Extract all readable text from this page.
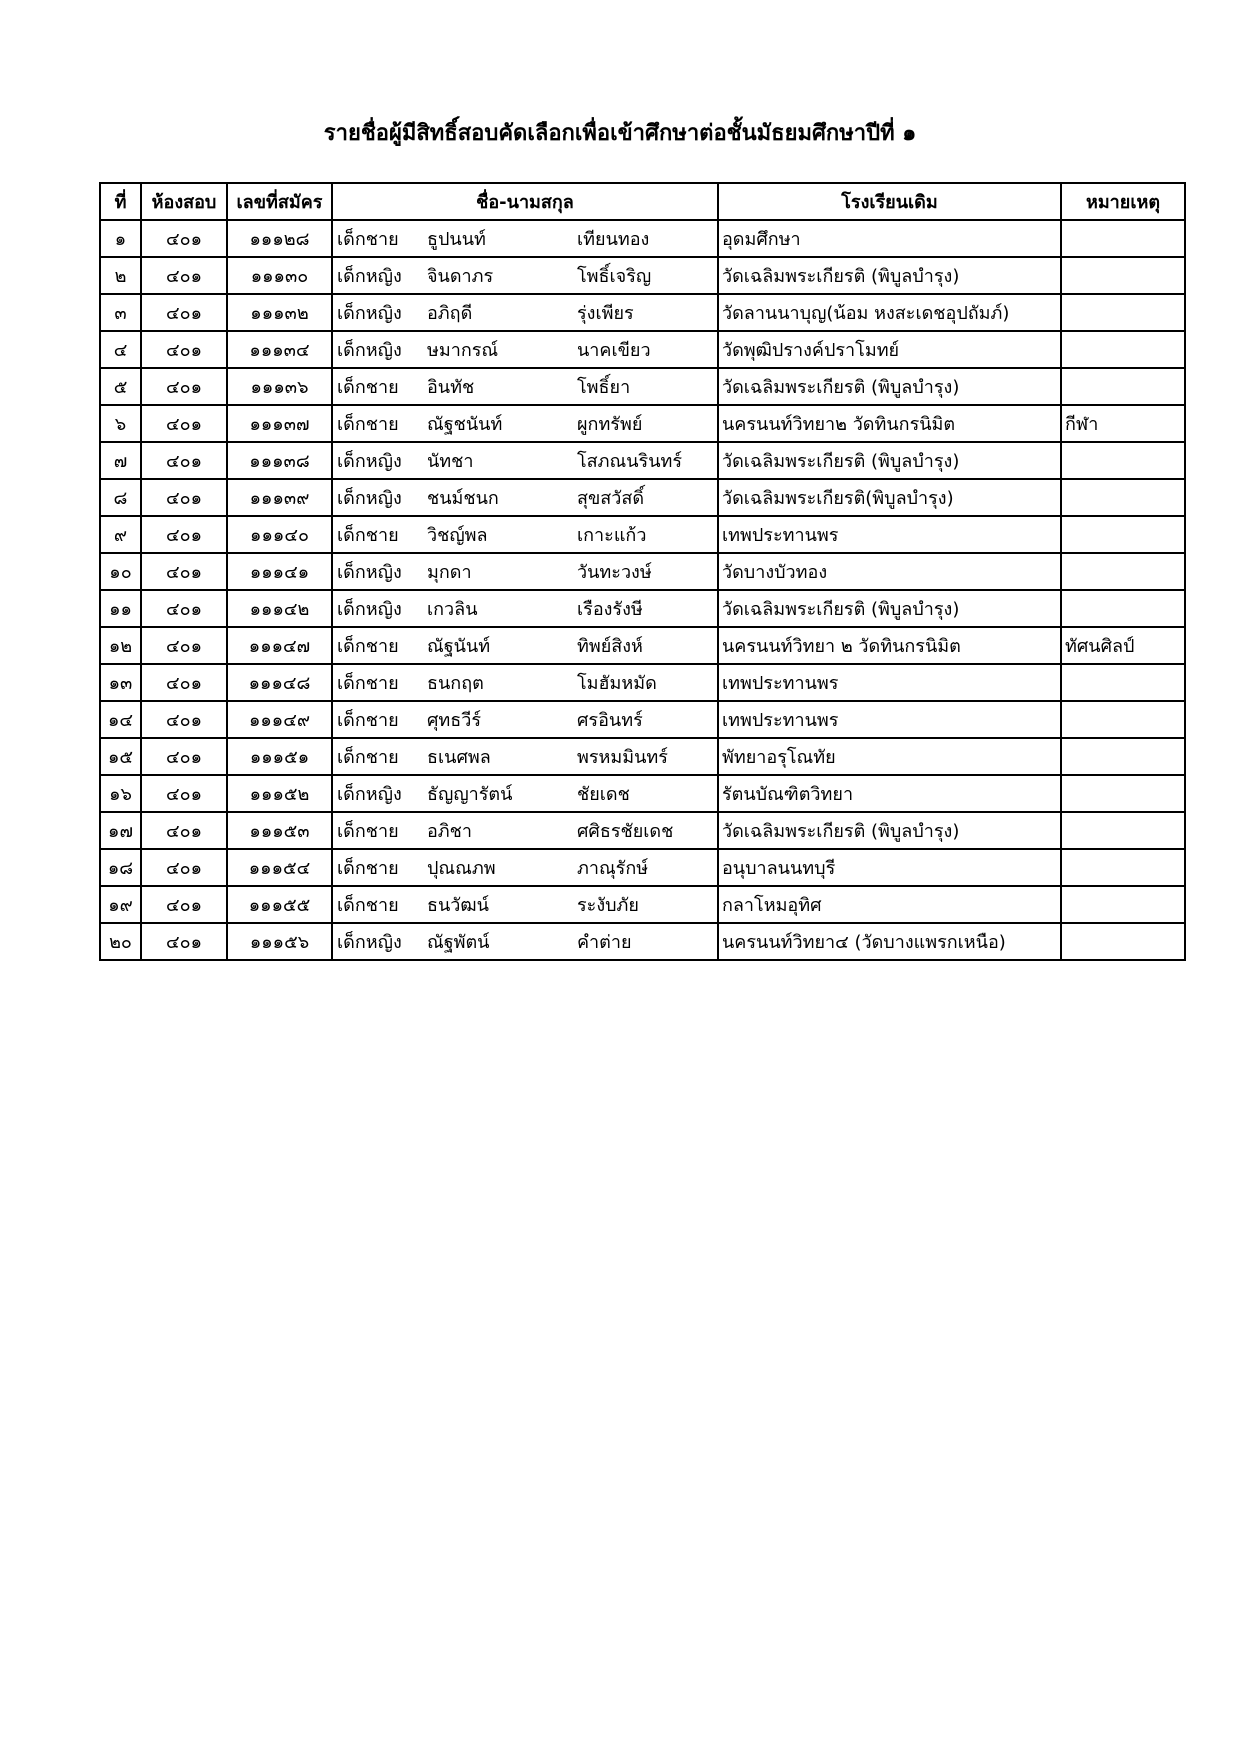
รายชื่อผู้มีสิทธิ์สอบคัดเลือกเพื่อเข้าศึกษาต่อชั้นมัธยมศึกษาปีที่ ๑
ที่	ห้องสอบ	เลขที่สมัคร	ชื่อ-นามสกุล	โรงเรียนเดิม	หมายเหตุ
๑	๔๐๑	๑๑๑๒๘	เด็กชาย ธูปนนท์ เทียนทอง	อุดมศึกษา	
๒	๔๐๑	๑๑๑๓๐	เด็กหญิง จินดาภร โพธิ์เจริญ	วัดเฉลิมพระเกียรติ (พิบูลบำรุง)	
๓	๔๐๑	๑๑๑๓๒	เด็กหญิง อภิฤดี รุ่งเพียร	วัดลานนาบุญ(น้อม หงสะเดชอุปถัมภ์)	
๔	๔๐๑	๑๑๑๓๔	เด็กหญิง ษมากรณ์ นาคเขียว	วัดพุฒิปรางค์ปราโมทย์	
๕	๔๐๑	๑๑๑๓๖	เด็กชาย อินทัช โพธิ์ยา	วัดเฉลิมพระเกียรติ (พิบูลบำรุง)	
๖	๔๐๑	๑๑๑๓๗	เด็กชาย ณัฐชนันท์ ผูกทรัพย์	นครนนท์วิทยา๒ วัดทินกรนิมิต	กีฬา
๗	๔๐๑	๑๑๑๓๘	เด็กหญิง นัทชา โสภณนรินทร์	วัดเฉลิมพระเกียรติ (พิบูลบำรุง)	
๘	๔๐๑	๑๑๑๓๙	เด็กหญิง ชนม์ชนก สุขสวัสดิ์	วัดเฉลิมพระเกียรติ(พิบูลบำรุง)	
๙	๔๐๑	๑๑๑๔๐	เด็กชาย วิชญ์พล เกาะแก้ว	เทพประทานพร	
๑๐	๔๐๑	๑๑๑๔๑	เด็กหญิง มุกดา วันทะวงษ์	วัดบางบัวทอง	
๑๑	๔๐๑	๑๑๑๔๒	เด็กหญิง เกวลิน เรืองรังษี	วัดเฉลิมพระเกียรติ (พิบูลบำรุง)	
๑๒	๔๐๑	๑๑๑๔๗	เด็กชาย ณัฐนันท์ ทิพย์สิงห์	นครนนท์วิทยา ๒ วัดทินกรนิมิต	ทัศนศิลป์
๑๓	๔๐๑	๑๑๑๔๘	เด็กชาย ธนกฤต โมฮัมหมัด	เทพประทานพร	
๑๔	๔๐๑	๑๑๑๔๙	เด็กชาย ศุทธวีร์ ศรอินทร์	เทพประทานพร	
๑๕	๔๐๑	๑๑๑๕๑	เด็กชาย ธเนศพล พรหมมินทร์	พัทยาอรุโณทัย	
๑๖	๔๐๑	๑๑๑๕๒	เด็กหญิง ธัญญารัตน์ ชัยเดช	รัตนบัณฑิตวิทยา	
๑๗	๔๐๑	๑๑๑๕๓	เด็กชาย อภิชา ศศิธรชัยเดช	วัดเฉลิมพระเกียรติ (พิบูลบำรุง)	
๑๘	๔๐๑	๑๑๑๕๔	เด็กชาย ปุณณภพ ภาณุรักษ์	อนุบาลนนทบุรี	
๑๙	๔๐๑	๑๑๑๕๕	เด็กชาย ธนวัฒน์ ระงับภัย	กลาโหมอุทิศ	
๒๐	๔๐๑	๑๑๑๕๖	เด็กหญิง ณัฐพัตน์ คำต่าย	นครนนท์วิทยา๔ (วัดบางแพรกเหนือ)	
